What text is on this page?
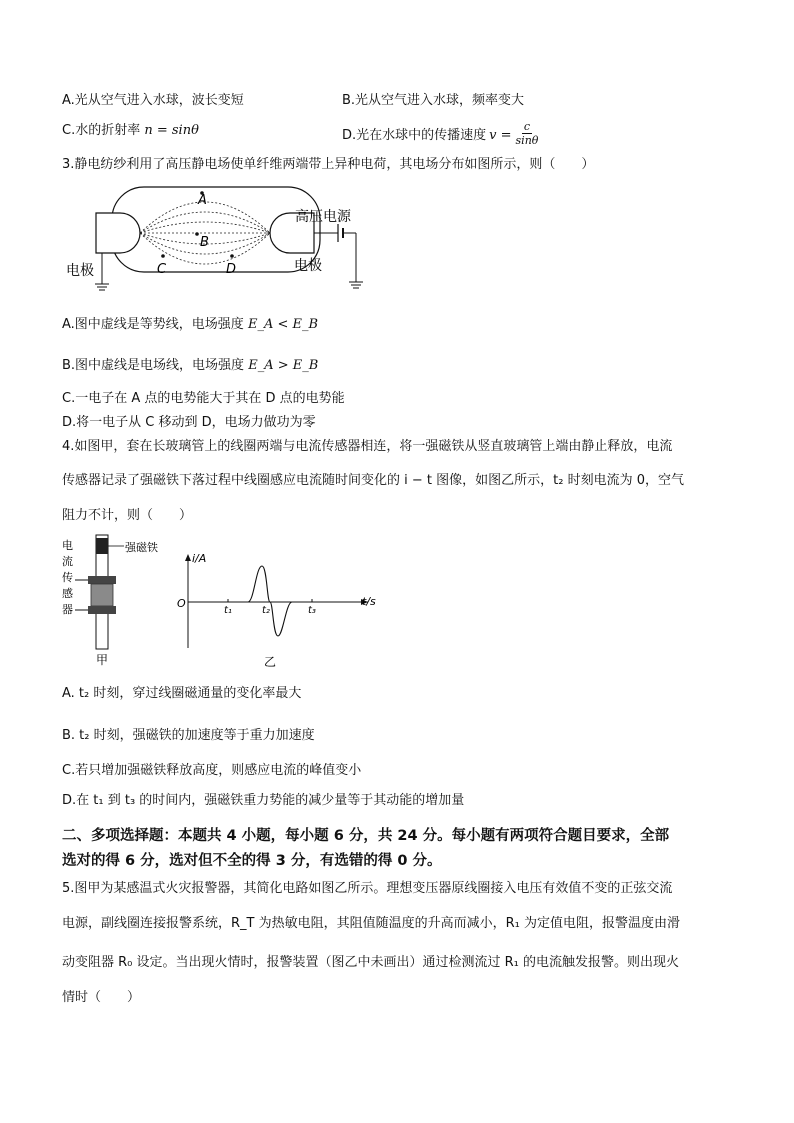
A.光从空气进入水球，波长变短	B.光从空气进入水球，频率变大
C.水的折射率 n = sinθ	D.光在水球中的传播速度 $v = \frac{c}{\sin\theta}$
3.静电纺纱利用了高压静电场使单纤维两端带上异种电荷，其电场分布如图所示，则（　　）
A
B
C	D
高压电源
电极
电极
A.图中虚线是等势线，电场强度 E_A < E_B
B.图中虚线是电场线，电场强度 E_A > E_B
C.一电子在 A 点的电势能大于其在 D 点的电势能
D.将一电子从 C 移动到 D，电场力做功为零
4.如图甲，套在长玻璃管上的线圈两端与电流传感器相连，将一强磁铁从竖直玻璃管上端由静止释放，电流
传感器记录了强磁铁下落过程中线圈感应电流随时间变化的 i − t 图像，如图乙所示，t₂ 时刻电流为 0，空气
阻力不计，则（　　）
强磁铁
电
流
传
感
器
甲
i/A
t/s
O
t₁	t₂	t₃
乙
A. t₂ 时刻，穿过线圈磁通量的变化率最大
B. t₂ 时刻，强磁铁的加速度等于重力加速度
C.若只增加强磁铁释放高度，则感应电流的峰值变小
D.在 t₁ 到 t₃ 的时间内，强磁铁重力势能的减少量等于其动能的增加量
二、多项选择题：本题共 4 小题，每小题 6 分，共 24 分。每小题有两项符合题目要求，全部
选对的得 6 分，选对但不全的得 3 分，有选错的得 0 分。
5.图甲为某感温式火灾报警器，其简化电路如图乙所示。理想变压器原线圈接入电压有效值不变的正弦交流
电源，副线圈连接报警系统，R_T 为热敏电阻，其阻值随温度的升高而减小，R₁ 为定值电阻，报警温度由滑
动变阻器 R₀ 设定。当出现火情时，报警装置（图乙中未画出）通过检测流过 R₁ 的电流触发报警。则出现火
情时（　　）
